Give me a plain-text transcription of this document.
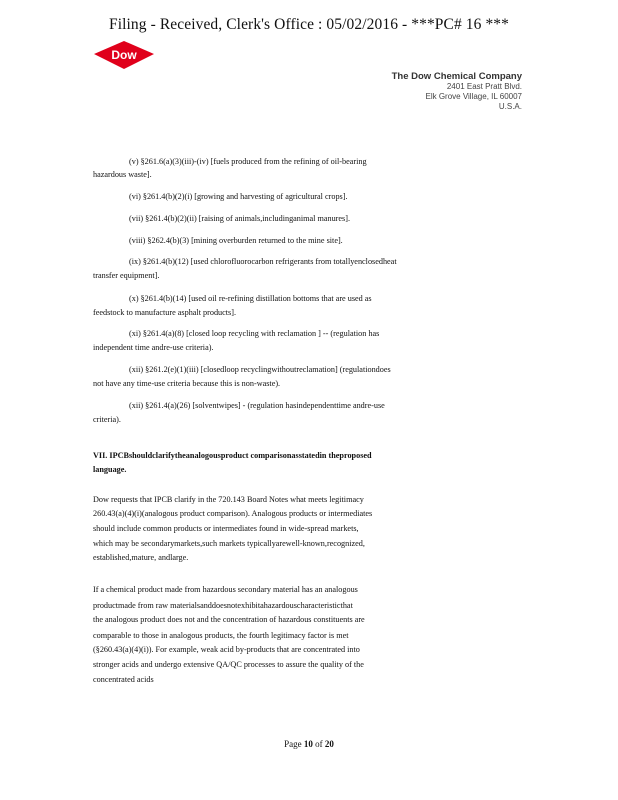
Filing - Received, Clerk's Office : 05/02/2016 - ***PC# 16 ***
Dow
The Dow Chemical Company
2401 East Pratt Blvd.
Elk Grove Village, IL 60007
U.S.A.
(v) §261.6(a)(3)(iii)-(iv) [fuels produced from the refining of oil-bearing
hazardous waste].
(vi) §261.4(b)(2)(i) [growing and harvesting of agricultural crops].
(vii) §261.4(b)(2)(ii) [raising of animals,includinganimal manures].
(viii) §262.4(b)(3) [mining overburden returned to the mine site].
(ix) §261.4(b)(12) [used chlorofluorocarbon refrigerants from totallyenclosedheat
transfer equipment].
(x) §261.4(b)(14) [used oil re-refining distillation bottoms that are used as
feedstock to manufacture asphalt products].
(xi) §261.4(a)(8) [closed loop recycling with reclamation ] -- (regulation has
independent time andre-use criteria).
(xii) §261.2(e)(1)(iii) [closedloop recyclingwithoutreclamation] (regulationdoes
not have any time-use criteria because this is non-waste).
(xii) §261.4(a)(26) [solventwipes] - (regulation hasindependenttime andre-use
criteria).
VII. IPCBshouldclarifytheanalogousproduct comparisonasstatedin theproposed
language.
Dow requests that IPCB clarify in the 720.143 Board Notes what meets legitimacy
260.43(a)(4)(i)(analogous product comparison). Analogous products or intermediates
should include common products or intermediates found in wide-spread markets,
which may be secondarymarkets,such markets typicallyarewell-known,recognized,
established,mature, andlarge.
If a chemical product made from hazardous secondary material has an analogous
productmade from raw materialsanddoesnotexhibitahazardouscharacteristicthat
the analogous product does not and the concentration of hazardous constituents are
comparable to those in analogous products, the fourth legitimacy factor is met
(§260.43(a)(4)(i)). For example, weak acid by-products that are concentrated into
stronger acids and undergo extensive QA/QC processes to assure the quality of the
concentrated acids
Page 10 of 20
